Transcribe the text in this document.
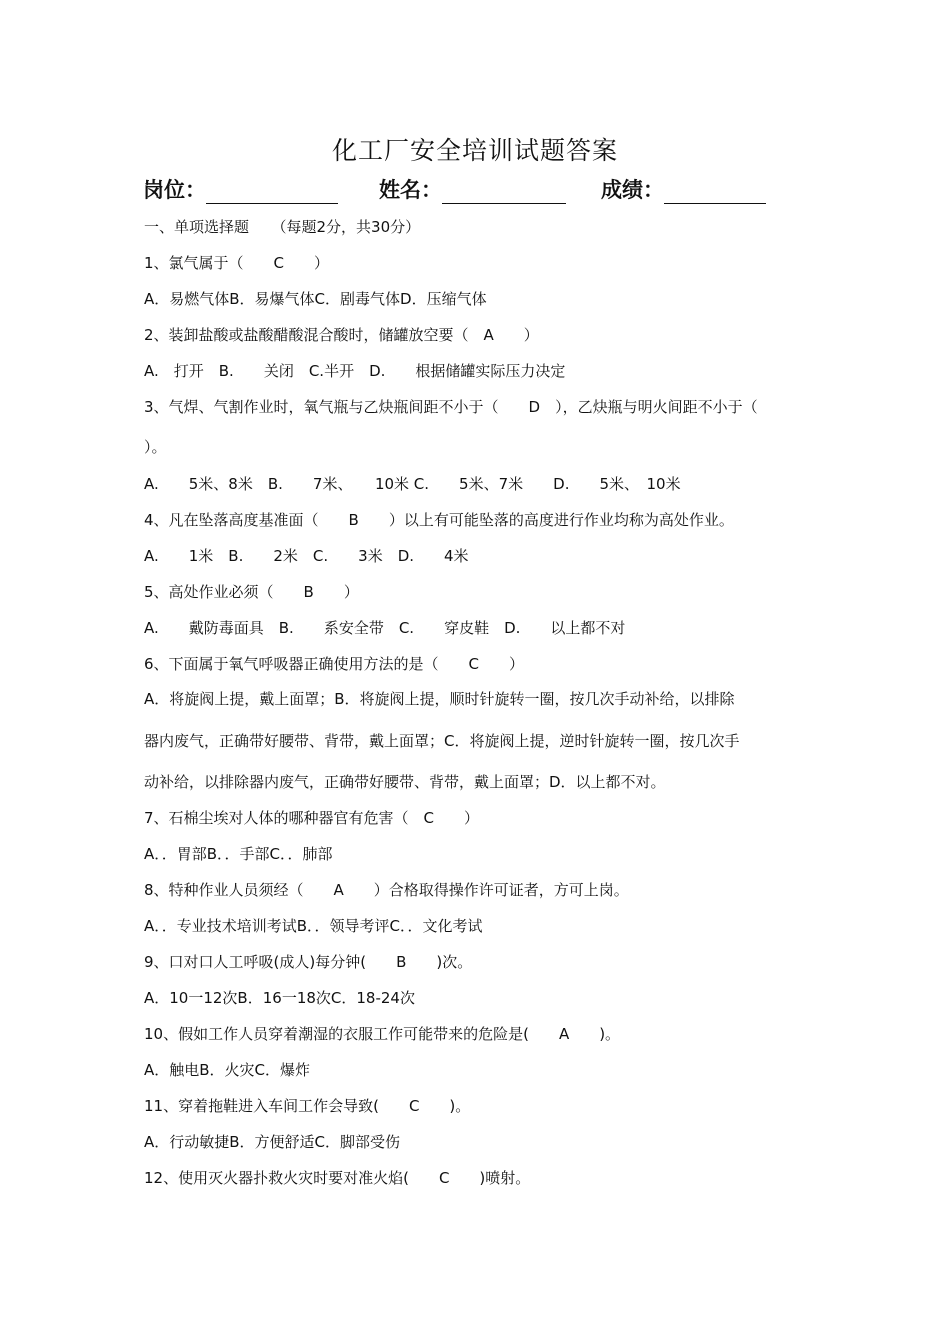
化工厂安全培训试题答案
岗位：	姓名：	成绩：
一、单项选择题　　（每题2分，共30分）
1、氯气属于（　　C　　）
A．易燃气体B．易爆气体C．剧毒气体D．压缩气体
2、装卸盐酸或盐酸醋酸混合酸时，储罐放空要（　A　　）
A.　打开　B.　　关闭　C.半开　D.　　根据储罐实际压力决定
3、气焊、气割作业时，氧气瓶与乙炔瓶间距不小于（　　D　），乙炔瓶与明火间距不小于（
）。
A.　　5米、8米　B.　　7米、　　10米 C.　　5米、7米　　D.　　5米、　10米
4、凡在坠落高度基准面（　　B　　）以上有可能坠落的高度进行作业均称为高处作业。
A.　　1米　B.　　2米　C.　　3米　D.　　4米
5、高处作业必须（　　B　　）
A.　　戴防毒面具　B.　　系安全带　C.　　穿皮鞋　D.　　以上都不对
6、下面属于氧气呼吸器正确使用方法的是（　　C　　）
A．将旋阀上提，戴上面罩；B．将旋阀上提，顺时针旋转一圈，按几次手动补给，以排除
器内废气，正确带好腰带、背带，戴上面罩；C．将旋阀上提，逆时针旋转一圈，按几次手
动补给，以排除器内废气，正确带好腰带、背带，戴上面罩；D．以上都不对。
7、石棉尘埃对人体的哪种器官有危害（　C　　）
A．．胃部B．．手部C．．肺部
8、特种作业人员须经（　　A　　）合格取得操作许可证者，方可上岗。
A．．专业技术培训考试B．．领导考评C．．文化考试
9、口对口人工呼吸(成人)每分钟(　　B　　)次。
A．10一12次B．16一18次C．18-24次
10、假如工作人员穿着潮湿的衣服工作可能带来的危险是(　　A　　)。
A．触电B．火灾C．爆炸
11、穿着拖鞋进入车间工作会导致(　　C　　)。
A．行动敏捷B．方便舒适C．脚部受伤
12、使用灭火器扑救火灾时要对准火焰(　　C　　)喷射。
